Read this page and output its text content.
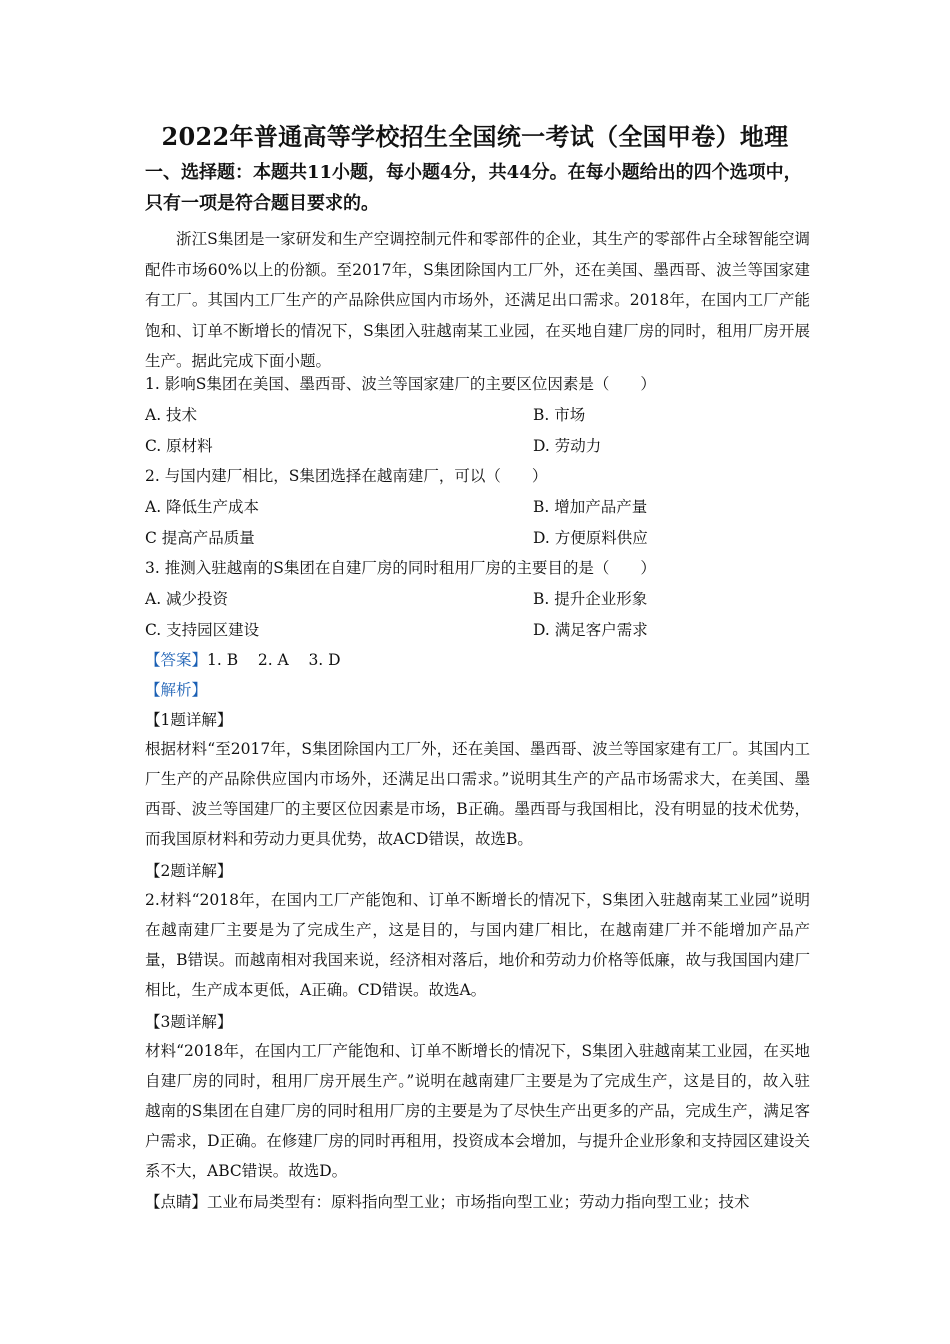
2022年普通高等学校招生全国统一考试（全国甲卷）地理
一、选择题：本题共11小题，每小题4分，共44分。在每小题给出的四个选项中，只有一项是符合题目要求的。
浙江S集团是一家研发和生产空调控制元件和零部件的企业，其生产的零部件占全球智能空调配件市场60%以上的份额。至2017年，S集团除国内工厂外，还在美国、墨西哥、波兰等国家建有工厂。其国内工厂生产的产品除供应国内市场外，还满足出口需求。2018年，在国内工厂产能饱和、订单不断增长的情况下，S集团入驻越南某工业园，在买地自建厂房的同时，租用厂房开展生产。据此完成下面小题。
1. 影响S集团在美国、墨西哥、波兰等国家建厂的主要区位因素是（　　）
A. 技术	B. 市场
C. 原材料	D. 劳动力
2. 与国内建厂相比，S集团选择在越南建厂，可以（　　）
A. 降低生产成本	B. 增加产品产量
C 提高产品质量	D. 方便原料供应
3. 推测入驻越南的S集团在自建厂房的同时租用厂房的主要目的是（　　）
A. 减少投资	B. 提升企业形象
C. 支持园区建设	D. 满足客户需求
【答案】1. B    2. A    3. D
【解析】
【1题详解】
根据材料“至2017年，S集团除国内工厂外，还在美国、墨西哥、波兰等国家建有工厂。其国内工厂生产的产品除供应国内市场外，还满足出口需求。”说明其生产的产品市场需求大，在美国、墨西哥、波兰等国建厂的主要区位因素是市场，B正确。墨西哥与我国相比，没有明显的技术优势，而我国原材料和劳动力更具优势，故ACD错误，故选B。
【2题详解】
2.材料“2018年，在国内工厂产能饱和、订单不断增长的情况下，S集团入驻越南某工业园”说明在越南建厂主要是为了完成生产，这是目的，与国内建厂相比，在越南建厂并不能增加产品产量，B错误。而越南相对我国来说，经济相对落后，地价和劳动力价格等低廉，故与我国国内建厂相比，生产成本更低，A正确。CD错误。故选A。
【3题详解】
材料“2018年，在国内工厂产能饱和、订单不断增长的情况下，S集团入驻越南某工业园，在买地自建厂房的同时，租用厂房开展生产。”说明在越南建厂主要是为了完成生产，这是目的，故入驻越南的S集团在自建厂房的同时租用厂房的主要是为了尽快生产出更多的产品，完成生产，满足客户需求，D正确。在修建厂房的同时再租用，投资成本会增加，与提升企业形象和支持园区建设关系不大，ABC错误。故选D。
【点睛】工业布局类型有：原料指向型工业；市场指向型工业；劳动力指向型工业；技术
